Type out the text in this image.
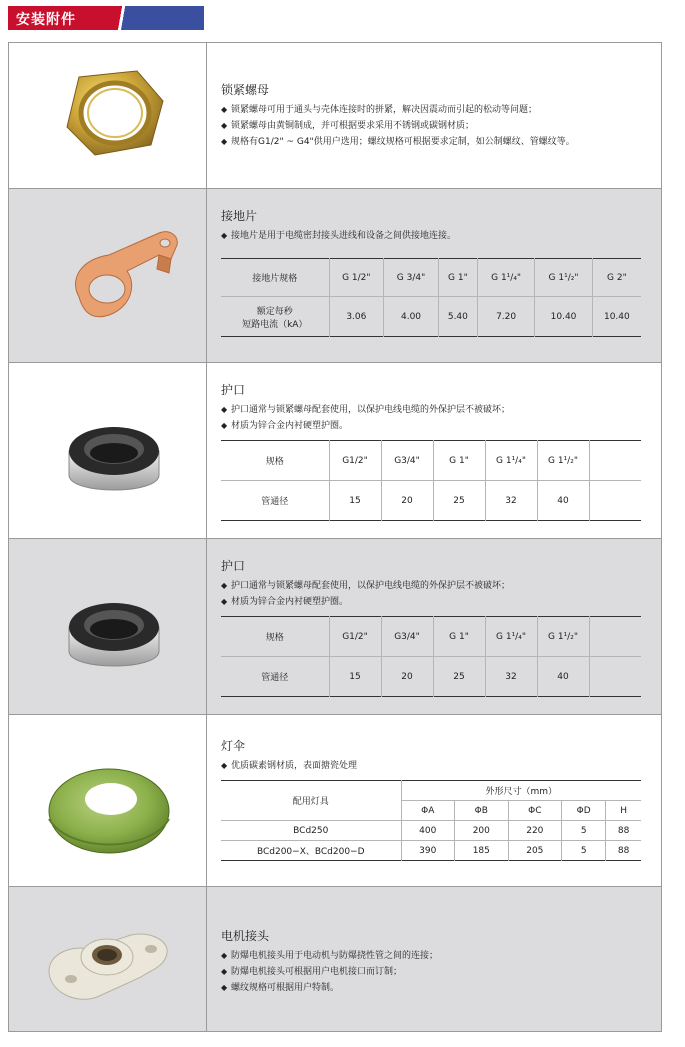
安装附件
锁紧螺母
◆ 锁紧螺母可用于通头与壳体连接时的拼紧，解决因震动而引起的松动等问题；
◆ 锁紧螺母由黄铜制成，并可根据要求采用不锈钢或碳钢材质；
◆ 规格有G1/2" ~ G4"供用户选用；螺纹规格可根据要求定制，如公制螺纹、管螺纹等。
接地片
◆ 接地片是用于电缆密封接头进线和设备之间供接地连接。
接地片规格	G 1/2"	G 3/4"	G 1"	G 1¹/₄"	G 1¹/₂"	G 2"

额定每秒
短路电流（kA）	3.06	4.00	5.40	7.20	10.40	10.40
护口
◆ 护口通常与锁紧螺母配套使用，以保护电线电缆的外保护层不被破坏；
◆ 材质为锌合金内衬硬塑护圈。
规格	G1/2"	G3/4"	G 1"	G 1¹/₄"	G 1¹/₂"	
管通径	15	20	25	32	40	
护口
◆ 护口通常与锁紧螺母配套使用，以保护电线电缆的外保护层不被破坏；
◆ 材质为锌合金内衬硬塑护圈。
规格	G1/2"	G3/4"	G 1"	G 1¹/₄"	G 1¹/₂"	
管通径	15	20	25	32	40	
灯伞
◆ 优质碳素钢材质，表面搪瓷处理
配用灯具	外形尺寸（mm）				
	ΦA	ΦB	ΦC	ΦD	H
BCd250	400	200	220	5	88
BCd200−X、BCd200−D	390	185	205	5	88
电机接头
◆ 防爆电机接头用于电动机与防爆挠性管之间的连接；
◆ 防爆电机接头可根据用户电机接口而订制；
◆ 螺纹规格可根据用户特制。
